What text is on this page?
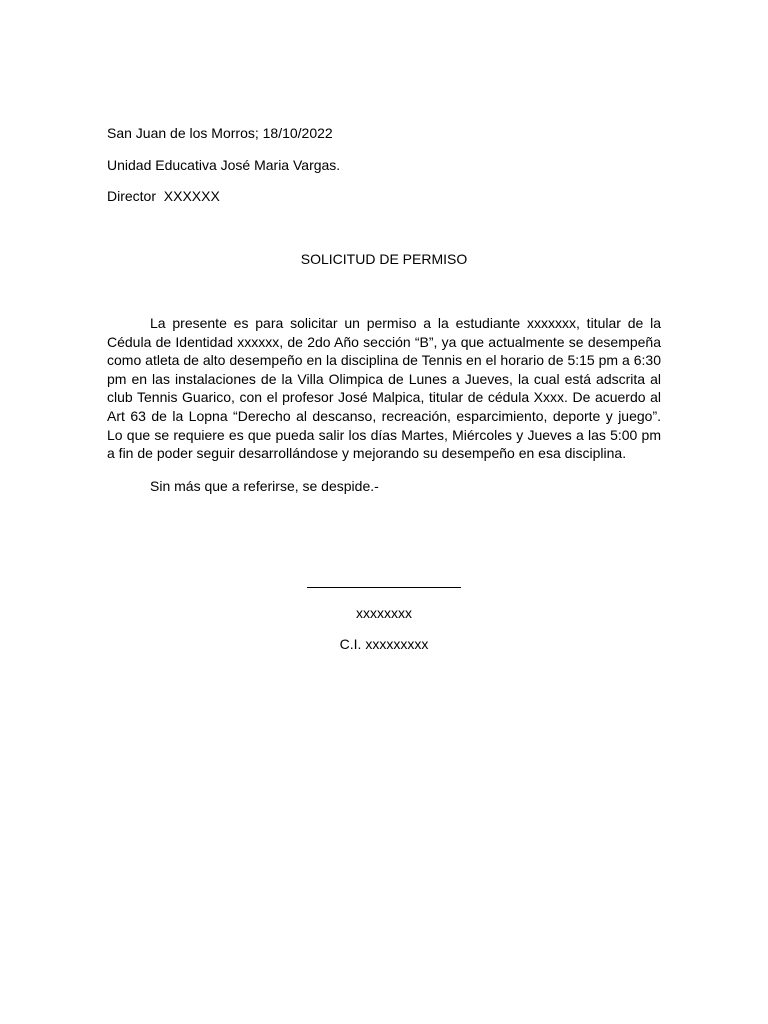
San Juan de los Morros; 18/10/2022

Unidad Educativa José Maria Vargas.

Director  XXXXXX

SOLICITUD DE PERMISO

La presente es para solicitar un permiso a la estudiante xxxxxxx, titular de la Cédula de Identidad xxxxxx, de 2do Año sección “B”, ya que actualmente se desempeña como atleta de alto desempeño en la disciplina de Tennis en el horario de 5:15 pm a 6:30 pm en las instalaciones de la Villa Olimpica de Lunes a Jueves, la cual está adscrita al club Tennis Guarico, con el profesor José Malpica, titular de cédula Xxxx. De acuerdo al Art 63 de la Lopna “Derecho al descanso, recreación, esparcimiento, deporte y juego”. Lo que se requiere es que pueda salir los días Martes, Miércoles y Jueves a las 5:00 pm a fin de poder seguir desarrollándose y mejorando su desempeño en esa disciplina.

Sin más que a referirse, se despide.-

xxxxxxxx

C.I. xxxxxxxxx
